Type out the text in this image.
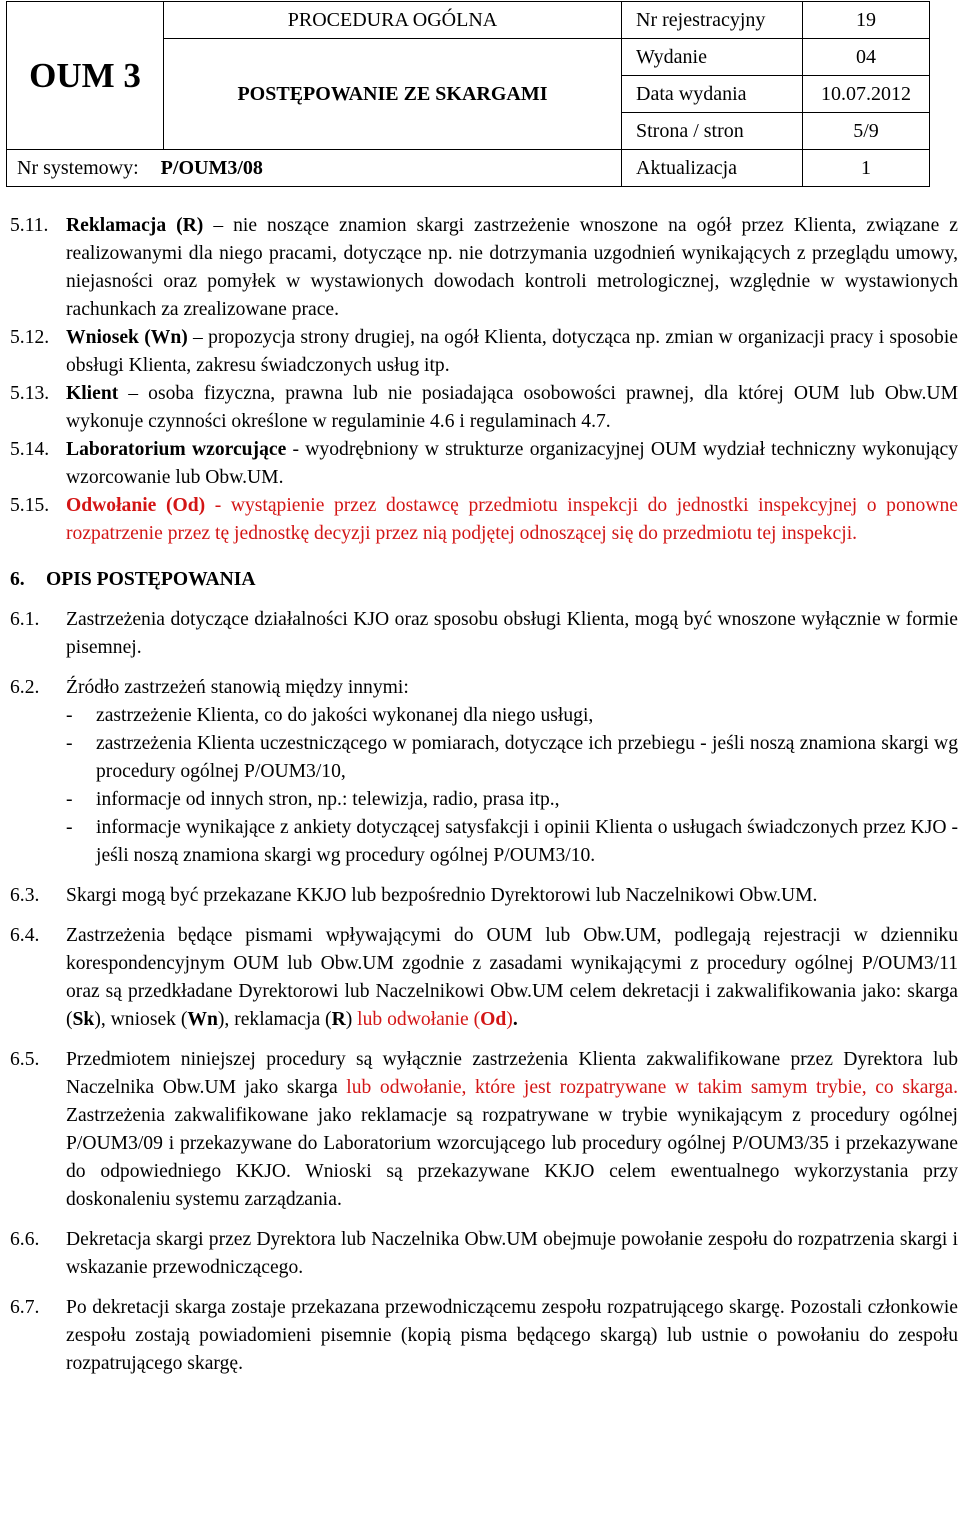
OUM 3	PROCEDURA OGÓLNA	Nr rejestracyjny	19
	POSTĘPOWANIE ZE SKARGAMI	Wydanie	04
		Data wydania	10.07.2012
		Strona / stron	5/9
Nr systemowy: P/OUM3/08		Aktualizacja	1
5.11. Reklamacja (R) – nie noszące znamion skargi zastrzeżenie wnoszone na ogół przez Klienta, związane z realizowanymi dla niego pracami, dotyczące np. nie dotrzymania uzgodnień wynikających z przeglądu umowy, niejasności oraz pomyłek w wystawionych dowodach kontroli metrologicznej, względnie w wystawionych rachunkach za zrealizowane prace.
5.12. Wniosek (Wn) – propozycja strony drugiej, na ogół Klienta, dotycząca np. zmian w organizacji pracy i sposobie obsługi Klienta, zakresu świadczonych usług itp.
5.13. Klient – osoba fizyczna, prawna lub nie posiadająca osobowości prawnej, dla której OUM lub Obw.UM wykonuje czynności określone w regulaminie 4.6 i regulaminach 4.7.
5.14. Laboratorium wzorcujące - wyodrębniony w strukturze organizacyjnej OUM wydział techniczny wykonujący wzorcowanie lub Obw.UM.
5.15. Odwołanie (Od) - wystąpienie przez dostawcę przedmiotu inspekcji do jednostki inspekcyjnej o ponowne rozpatrzenie przez tę jednostkę decyzji przez nią podjętej odnoszącej się do przedmiotu tej inspekcji.
6.	OPIS POSTĘPOWANIA
6.1.	Zastrzeżenia dotyczące działalności KJO oraz sposobu obsługi Klienta, mogą być wnoszone wyłącznie w formie pisemnej.
6.2.	Źródło zastrzeżeń stanowią między innymi:
-	zastrzeżenie Klienta, co do jakości wykonanej dla niego usługi,
-	zastrzeżenia Klienta uczestniczącego w pomiarach, dotyczące ich przebiegu - jeśli noszą znamiona skargi wg procedury ogólnej P/OUM3/10,
-	informacje od innych stron, np.: telewizja, radio, prasa itp.,
-	informacje wynikające z ankiety dotyczącej satysfakcji i opinii Klienta o usługach świadczonych przez KJO - jeśli noszą znamiona skargi wg procedury ogólnej P/OUM3/10.
6.3.	Skargi mogą być przekazane KKJO lub bezpośrednio Dyrektorowi lub Naczelnikowi Obw.UM.
6.4.	Zastrzeżenia będące pismami wpływającymi do OUM lub Obw.UM, podlegają rejestracji w dzienniku korespondencyjnym OUM lub Obw.UM zgodnie z zasadami wynikającymi z procedury ogólnej P/OUM3/11 oraz są przedkładane Dyrektorowi lub Naczelnikowi Obw.UM celem dekretacji i zakwalifikowania jako: skarga (Sk), wniosek (Wn), reklamacja (R) lub odwołanie (Od).
6.5.	Przedmiotem niniejszej procedury są wyłącznie zastrzeżenia Klienta zakwalifikowane przez Dyrektora lub Naczelnika Obw.UM jako skarga lub odwołanie, które jest rozpatrywane w takim samym trybie, co skarga. Zastrzeżenia zakwalifikowane jako reklamacje są rozpatrywane w trybie wynikającym z procedury ogólnej P/OUM3/09 i przekazywane do Laboratorium wzorcującego lub procedury ogólnej P/OUM3/35 i przekazywane do odpowiedniego KKJO. Wnioski są przekazywane KKJO celem ewentualnego wykorzystania przy doskonaleniu systemu zarządzania.
6.6.	Dekretacja skargi przez Dyrektora lub Naczelnika Obw.UM obejmuje powołanie zespołu do rozpatrzenia skargi i wskazanie przewodniczącego.
6.7.	Po dekretacji skarga zostaje przekazana przewodniczącemu zespołu rozpatrującego skargę. Pozostali członkowie zespołu zostają powiadomieni pisemnie (kopią pisma będącego skargą) lub ustnie o powołaniu do zespołu rozpatrującego skargę.
